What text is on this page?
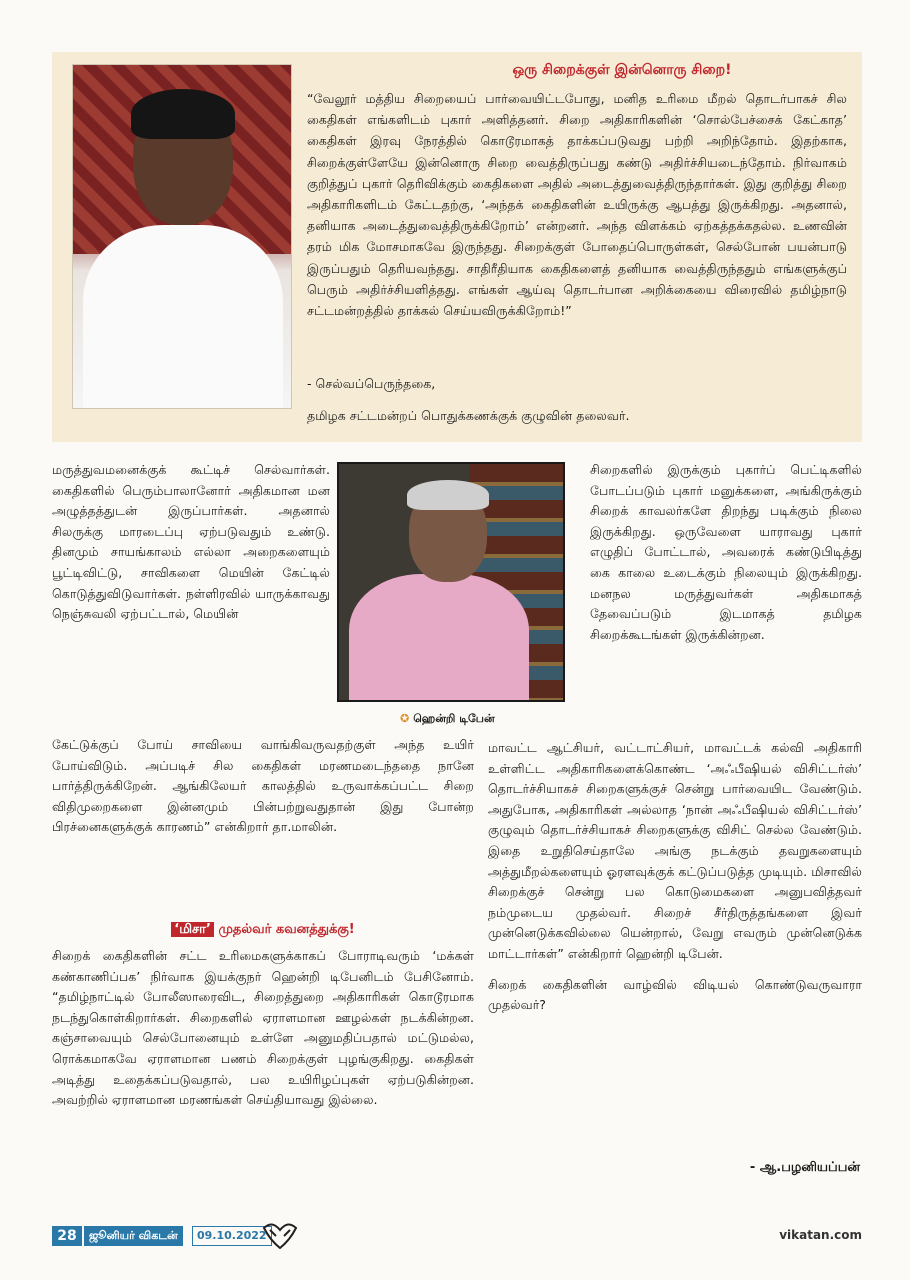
ஒரு சிறைக்குள் இன்னொரு சிறை!
“வேலூர் மத்திய சிறையைப் பார்வையிட்டபோது, மனித உரிமை மீறல் தொடர்பாகச் சில கைதிகள் எங்களிடம் புகார் அளித்தனர். சிறை அதிகாரிகளின் ‘சொல்பேச்சைக் கேட்காத’ கைதிகள் இரவு நேரத்தில் கொடூரமாகத் தாக்கப்படுவது பற்றி அறிந்தோம். இதற்காக, சிறைக்குள்ளேயே இன்னொரு சிறை வைத்திருப்பது கண்டு அதிர்ச்சியடைந்தோம். நிர்வாகம் குறித்துப் புகார் தெரிவிக்கும் கைதிகளை அதில் அடைத்துவைத்திருந்தார்கள். இது குறித்து சிறை அதிகாரிகளிடம் கேட்டதற்கு, ‘அந்தக் கைதிகளின் உயிருக்கு ஆபத்து இருக்கிறது. அதனால், தனியாக அடைத்துவைத்திருக்கிறோம்’ என்றனர். அந்த விளக்கம் ஏற்கத்தக்கதல்ல. உணவின் தரம் மிக மோசமாகவே இருந்தது. சிறைக்குள் போதைப்பொருள்கள், செல்போன் பயன்பாடு இருப்பதும் தெரியவந்தது. சாதிரீதியாக கைதிகளைத் தனியாக வைத்திருந்ததும் எங்களுக்குப் பெரும் அதிர்ச்சியளித்தது. எங்கள் ஆய்வு தொடர்பான அறிக்கையை விரைவில் தமிழ்நாடு சட்டமன்றத்தில் தாக்கல் செய்யவிருக்கிறோம்!”
- செல்வப்பெருந்தகை,
தமிழக சட்டமன்றப் பொதுக்கணக்குக் குழுவின் தலைவர்.
மருத்துவமனைக்குக் கூட்டிச் செல்வார்கள். கைதிகளில் பெரும்பாலானோர் அதிகமான மன அழுத்தத்துடன் இருப்பார்கள். அதனால் சிலருக்கு மாரடைப்பு ஏற்படுவதும் உண்டு. தினமும் சாயங்காலம் எல்லா அறைகளையும் பூட்டிவிட்டு, சாவிகளை மெயின் கேட்டில் கொடுத்துவிடுவார்கள். நள்ளிரவில் யாருக்காவது நெஞ்சுவலி ஏற்பட்டால், மெயின்
✪ ஹென்றி டிபேன்
கேட்டுக்குப் போய் சாவியை வாங்கிவருவதற்குள் அந்த உயிர் போய்விடும். அப்படிச் சில கைதிகள் மரணமடைந்ததை நானே பார்த்திருக்கிறேன். ஆங்கிலேயர் காலத்தில் உருவாக்கப்பட்ட சிறை விதிமுறைகளை இன்னமும் பின்பற்றுவதுதான் இது போன்ற பிரச்னைகளுக்குக் காரணம்” என்கிறார் தா.மாலின்.
‘மிசா’ முதல்வர் கவனத்துக்கு!
சிறைக் கைதிகளின் சட்ட உரிமைகளுக்காகப் போராடிவரும் ‘மக்கள் கண்காணிப்பக’ நிர்வாக இயக்குநர் ஹென்றி டிபேனிடம் பேசினோம். “தமிழ்நாட்டில் போலீஸாரைவிட, சிறைத்துறை அதிகாரிகள் கொடூரமாக நடந்துகொள்கிறார்கள். சிறைகளில் ஏராளமான ஊழல்கள் நடக்கின்றன. கஞ்சாவையும் செல்போனையும் உள்ளே அனுமதிப்பதால் மட்டுமல்ல, ரொக்கமாகவே ஏராளமான பணம் சிறைக்குள் புழங்குகிறது. கைதிகள் அடித்து உதைக்கப்படுவதால், பல உயிரிழப்புகள் ஏற்படுகின்றன. அவற்றில் ஏராளமான மரணங்கள் செய்தியாவது இல்லை.
சிறைகளில் இருக்கும் புகார்ப் பெட்டிகளில் போடப்படும் புகார் மனுக்களை, அங்கிருக்கும் சிறைக் காவலர்களே திறந்து படிக்கும் நிலை இருக்கிறது. ஒருவேளை யாராவது புகார் எழுதிப் போட்டால், அவரைக் கண்டுபிடித்து கை காலை உடைக்கும் நிலையும் இருக்கிறது. மனநல மருத்துவர்கள் அதிகமாகத் தேவைப்படும் இடமாகத் தமிழக சிறைக்கூடங்கள் இருக்கின்றன.

மாவட்ட ஆட்சியர், வட்டாட்சியர், மாவட்டக் கல்வி அதிகாரி உள்ளிட்ட அதிகாரிகளைக்கொண்ட ‘அஃபீஷியல் விசிட்டர்ஸ்’ தொடர்ச்சியாகச் சிறைகளுக்குச் சென்று பார்வையிட வேண்டும். அதுபோக, அதிகாரிகள் அல்லாத ‘நான் அஃபீஷியல் விசிட்டர்ஸ்’ குழுவும் தொடர்ச்சியாகச் சிறைகளுக்கு விசிட் செல்ல வேண்டும். இதை உறுதிசெய்தாலே அங்கு நடக்கும் தவறுகளையும் அத்துமீறல்களையும் ஓரளவுக்குக் கட்டுப்படுத்த முடியும். மிசாவில் சிறைக்குச் சென்று பல கொடுமைகளை அனுபவித்தவர் நம்முடைய முதல்வர். சிறைச் சீர்திருத்தங்களை இவர் முன்னெடுக்கவில்லை யென்றால், வேறு எவரும் முன்னெடுக்க மாட்டார்கள்” என்கிறார் ஹென்றி டிபேன்.

சிறைக் கைதிகளின் வாழ்வில் விடியல் கொண்டுவருவாரா முதல்வர்?

- ஆ.பழனியப்பன்
28	ஜூனியர் விகடன்	09.10.2022	vikatan.com
